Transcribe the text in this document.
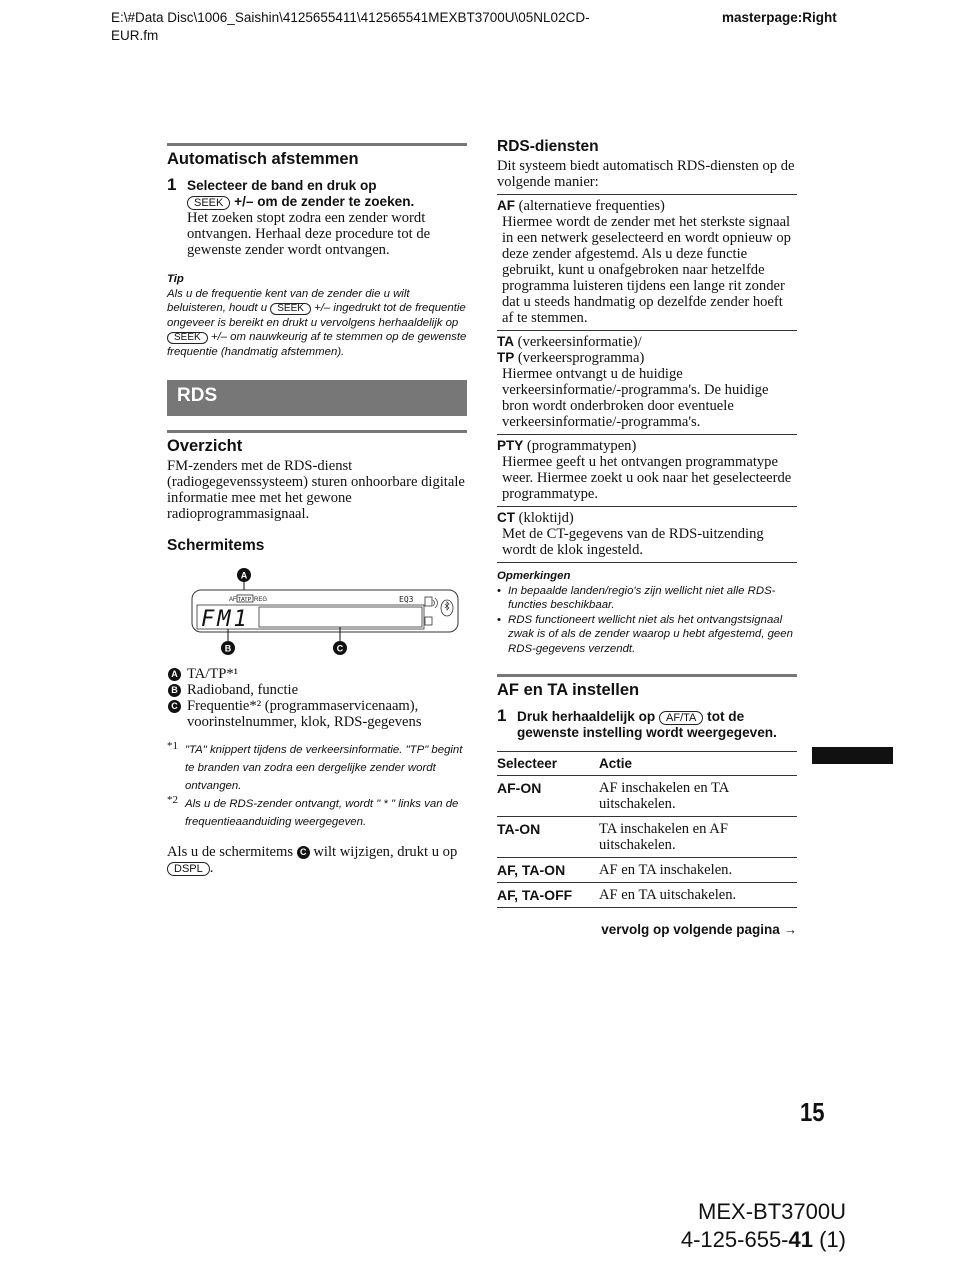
E:\#Data Disc\1006_Saishin\4125655411\412565541MEXBT3700U\05NL02CD-
EUR.fm
masterpage:Right
Automatisch afstemmen
1 Selecteer de band en druk op
SEEK +/– om de zender te zoeken.
Het zoeken stopt zodra een zender wordt ontvangen. Herhaal deze procedure tot de gewenste zender wordt ontvangen.
Tip
Als u de frequentie kent van de zender die u wilt beluisteren, houdt u SEEK +/– ingedrukt tot de frequentie ongeveer is bereikt en drukt u vervolgens herhaaldelijk op SEEK +/– om nauwkeurig af te stemmen op de gewenste frequentie (handmatig afstemmen).
RDS
Overzicht
FM-zenders met de RDS-dienst (radiogegevenssysteem) sturen onhoorbare digitale informatie mee met het gewone radioprogrammasignaal.
Schermitems
A
AF TATP REG	EQ3
FM1
B	C
A TA/TP*¹
B Radioband, functie
C Frequentie*² (programmaservicenaam), voorinstelnummer, klok, RDS-gegevens
*1 "TA" knippert tijdens de verkeersinformatie. "TP" begint te branden van zodra een dergelijke zender wordt ontvangen.
*2 Als u de RDS-zender ontvangt, wordt " * " links van de frequentieaanduiding weergegeven.
Als u de schermitems C wilt wijzigen, drukt u op DSPL .
RDS-diensten
Dit systeem biedt automatisch RDS-diensten op de volgende manier:
AF (alternatieve frequenties)
Hiermee wordt de zender met het sterkste signaal in een netwerk geselecteerd en wordt opnieuw op deze zender afgestemd. Als u deze functie gebruikt, kunt u onafgebroken naar hetzelfde programma luisteren tijdens een lange rit zonder dat u steeds handmatig op dezelfde zender hoeft af te stemmen.
TA (verkeersinformatie)/
TP (verkeersprogramma)
Hiermee ontvangt u de huidige verkeersinformatie/-programma's. De huidige bron wordt onderbroken door eventuele verkeersinformatie/-programma's.
PTY (programmatypen)
Hiermee geeft u het ontvangen programmatype weer. Hiermee zoekt u ook naar het geselecteerde programmatype.
CT (kloktijd)
Met de CT-gegevens van de RDS-uitzending wordt de klok ingesteld.
Opmerkingen
• In bepaalde landen/regio's zijn wellicht niet alle RDS-functies beschikbaar.
• RDS functioneert wellicht niet als het ontvangstsignaal zwak is of als de zender waarop u hebt afgestemd, geen RDS-gegevens verzendt.
AF en TA instellen
1 Druk herhaaldelijk op AF/TA tot de gewenste instelling wordt weergegeven.
Selecteer	Actie
AF-ON	AF inschakelen en TA uitschakelen.
TA-ON	TA inschakelen en AF uitschakelen.
AF, TA-ON	AF en TA inschakelen.
AF, TA-OFF	AF en TA uitschakelen.
vervolg op volgende pagina →
15
MEX-BT3700U
4-125-655-41 (1)
